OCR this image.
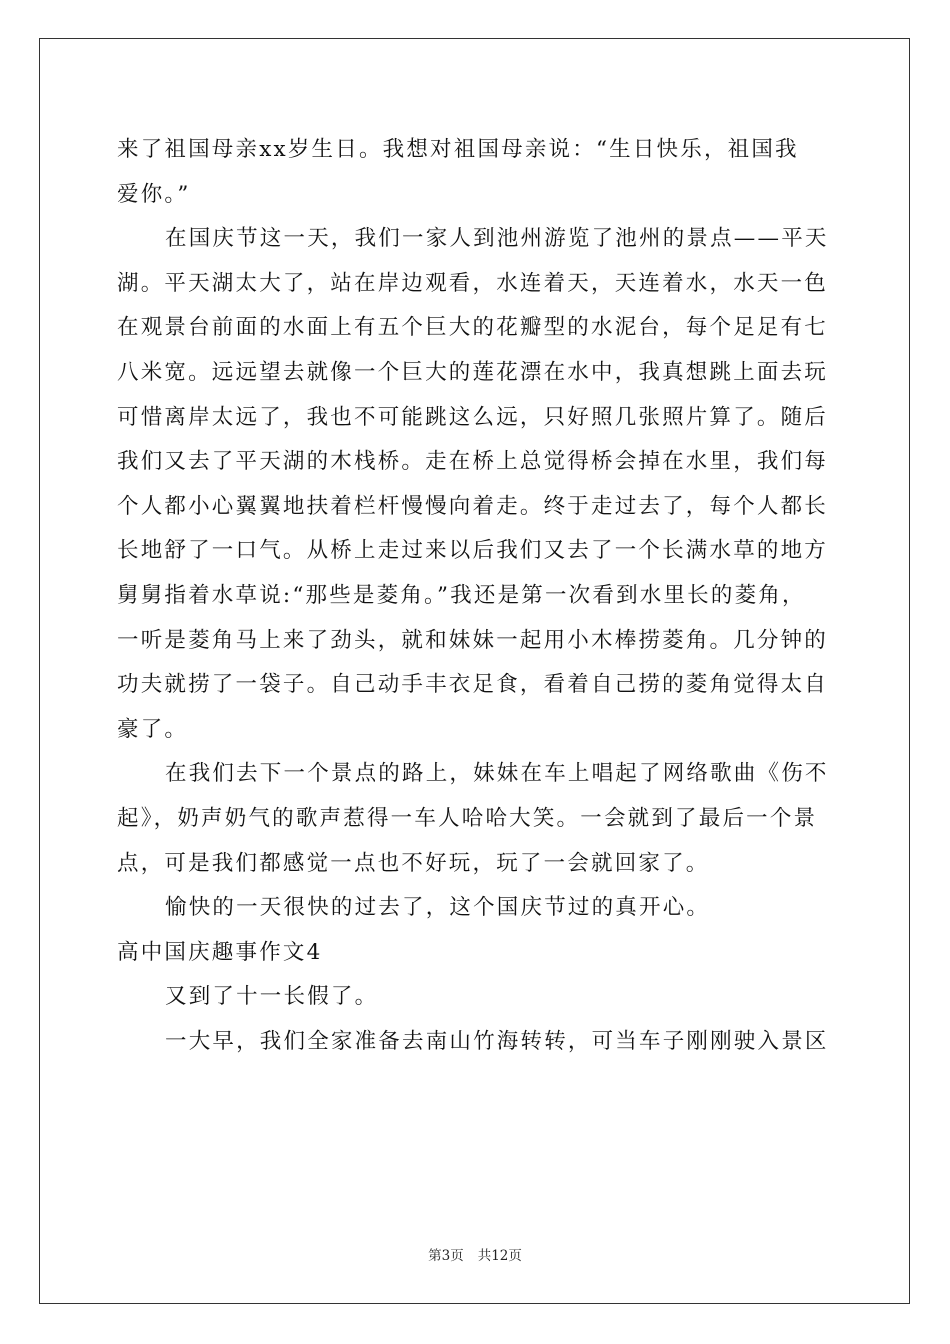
来了祖国母亲xx岁生日。我想对祖国母亲说：“生日快乐，祖国我
爱你。”
在国庆节这一天，我们一家人到池州游览了池州的景点——平天
湖。平天湖太大了，站在岸边观看，水连着天，天连着水，水天一色
在观景台前面的水面上有五个巨大的花瓣型的水泥台，每个足足有七
八米宽。远远望去就像一个巨大的莲花漂在水中，我真想跳上面去玩
可惜离岸太远了，我也不可能跳这么远，只好照几张照片算了。随后
我们又去了平天湖的木栈桥。走在桥上总觉得桥会掉在水里，我们每
个人都小心翼翼地扶着栏杆慢慢向着走。终于走过去了，每个人都长
长地舒了一口气。从桥上走过来以后我们又去了一个长满水草的地方
舅舅指着水草说:“那些是菱角。”我还是第一次看到水里长的菱角，
一听是菱角马上来了劲头，就和妹妹一起用小木棒捞菱角。几分钟的
功夫就捞了一袋子。自己动手丰衣足食，看着自己捞的菱角觉得太自
豪了。
在我们去下一个景点的路上，妹妹在车上唱起了网络歌曲《伤不
起》，奶声奶气的歌声惹得一车人哈哈大笑。一会就到了最后一个景
点，可是我们都感觉一点也不好玩，玩了一会就回家了。
愉快的一天很快的过去了，这个国庆节过的真开心。
高中国庆趣事作文4
又到了十一长假了。
一大早，我们全家准备去南山竹海转转，可当车子刚刚驶入景区
第3页 共12页
